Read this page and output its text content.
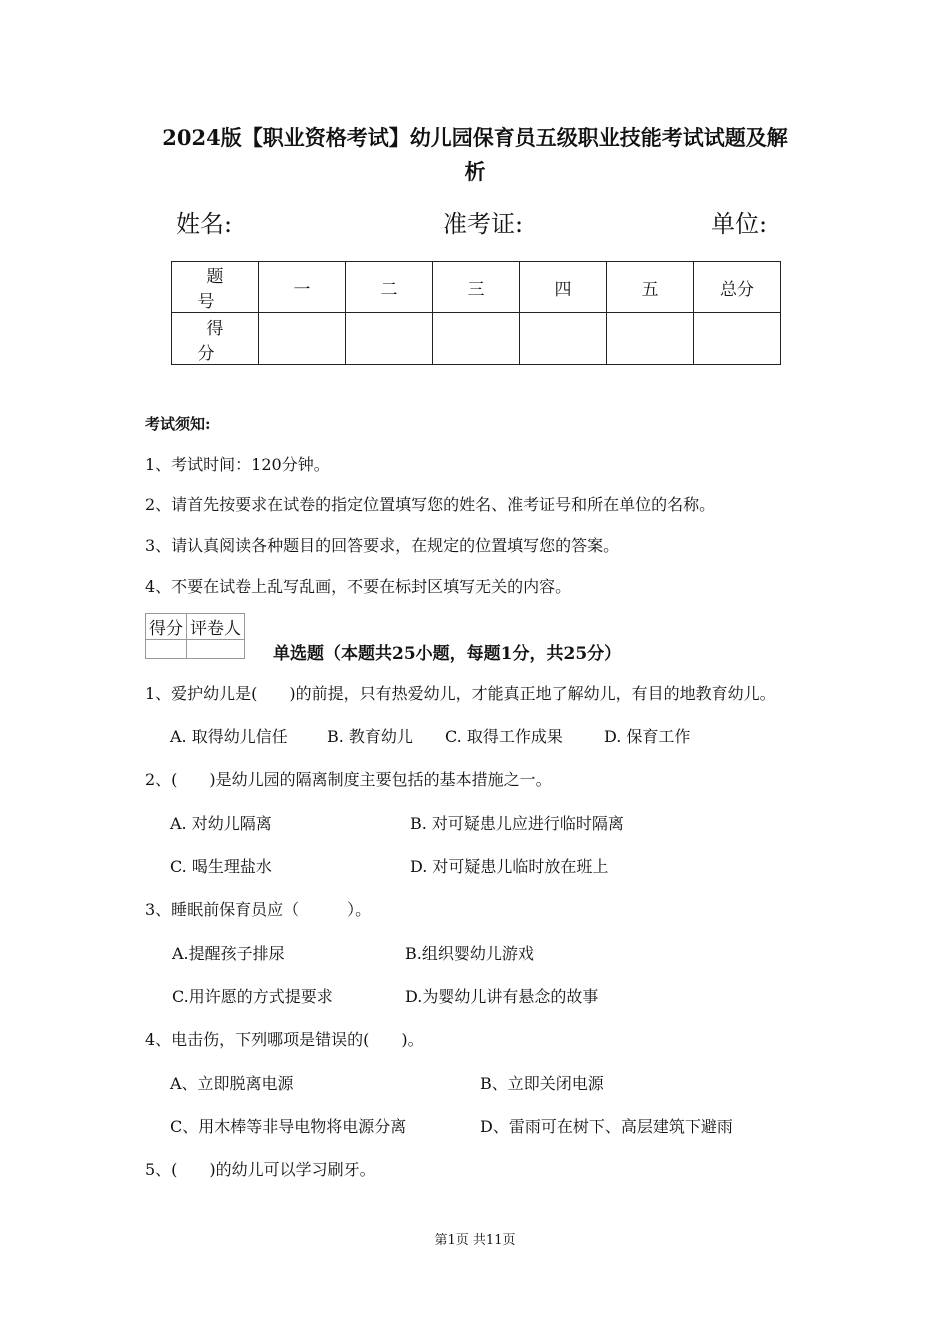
2024版【职业资格考试】幼儿园保育员五级职业技能考试试题及解
析
姓名:	准考证:	单位:
题号	一	二	三	四	五	总分
得分						
考试须知:
1、考试时间：120分钟。
2、请首先按要求在试卷的指定位置填写您的姓名、准考证号和所在单位的名称。
3、请认真阅读各种题目的回答要求，在规定的位置填写您的答案。
4、不要在试卷上乱写乱画，不要在标封区填写无关的内容。
得分	评卷人

单选题（本题共25小题，每题1分，共25分）
1、爱护幼儿是(　　)的前提，只有热爱幼儿，才能真正地了解幼儿，有目的地教育幼儿。
A. 取得幼儿信任 B. 教育幼儿 C. 取得工作成果	D. 保育工作
2、(　　)是幼儿园的隔离制度主要包括的基本措施之一。
A. 对幼儿隔离	B. 对可疑患儿应进行临时隔离
C. 喝生理盐水	D. 对可疑患儿临时放在班上
3、睡眠前保育员应（　　　）。
A.提醒孩子排尿	B.组织婴幼儿游戏
C.用许愿的方式提要求	D.为婴幼儿讲有悬念的故事
4、电击伤，下列哪项是错误的(　　)。
A、立即脱离电源	B、立即关闭电源
C、用木棒等非导电物将电源分离	D、雷雨可在树下、高层建筑下避雨
5、(　　)的幼儿可以学习刷牙。
第1页 共11页
